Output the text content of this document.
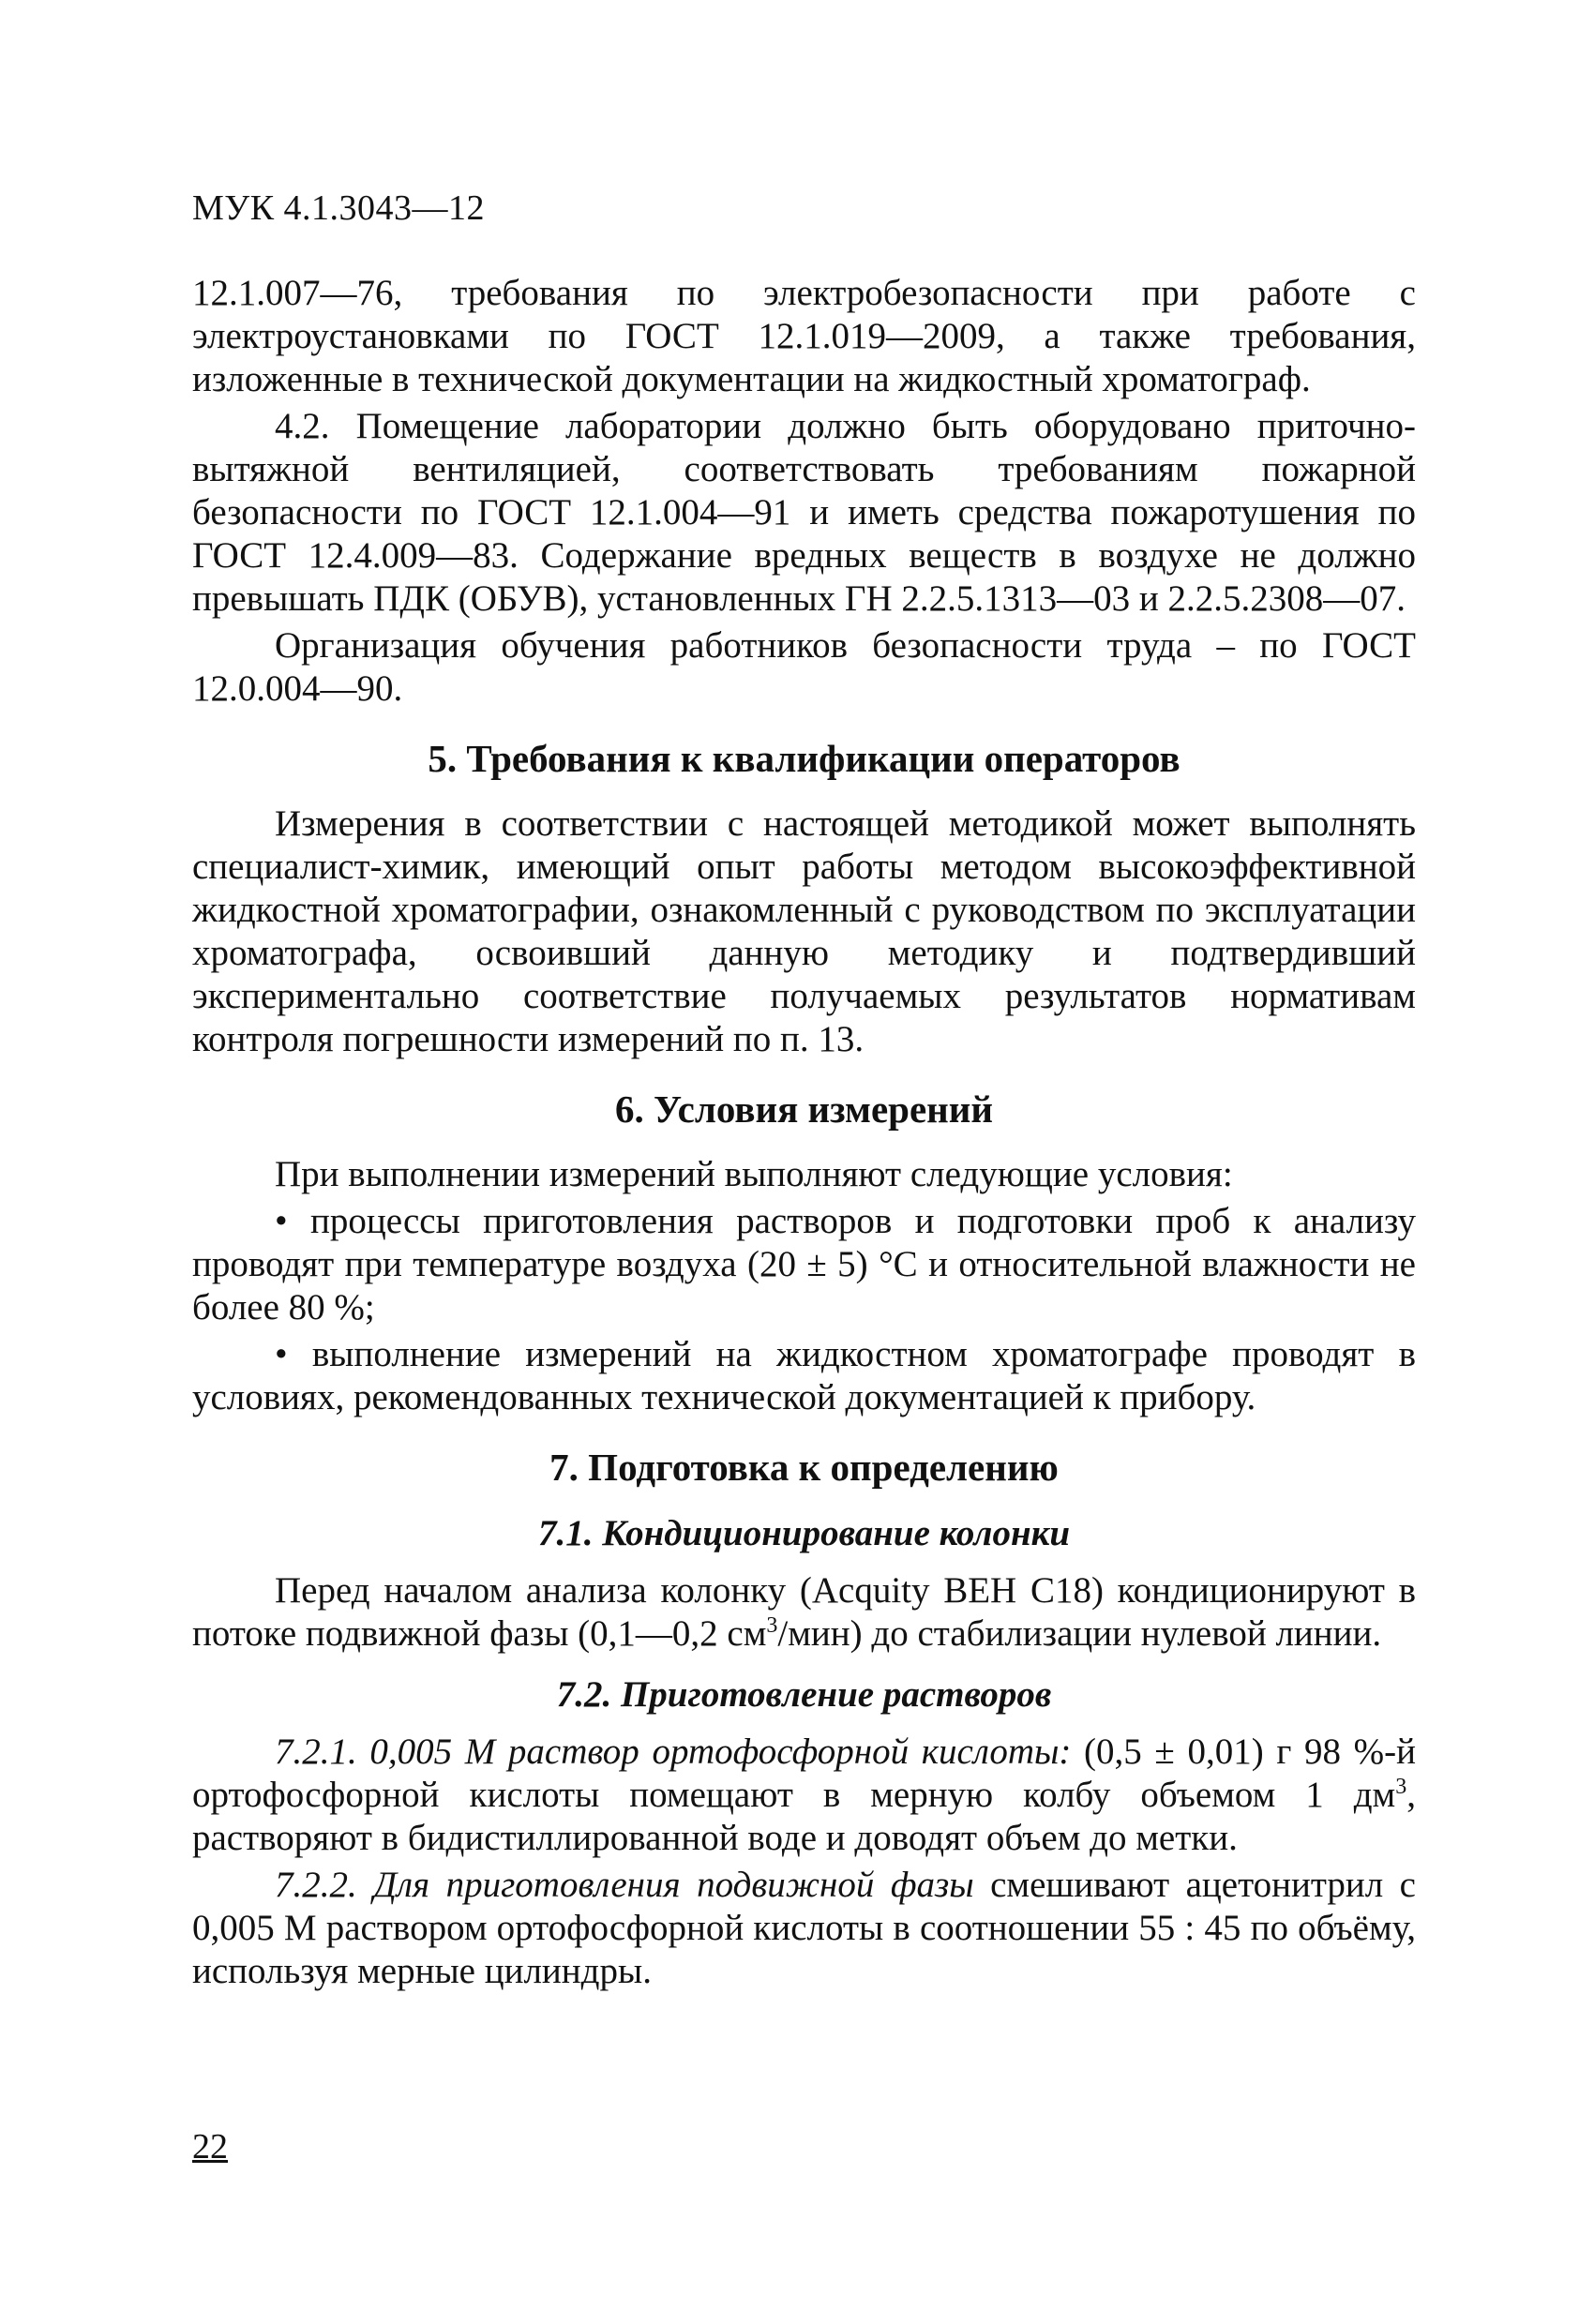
МУК 4.1.3043—12

12.1.007—76, требования по электробезопасности при работе с электроустановками по ГОСТ 12.1.019—2009, а также требования, изложенные в технической документации на жидкостный хроматограф.

4.2. Помещение лаборатории должно быть оборудовано приточно-вытяжной вентиляцией, соответствовать требованиям пожарной безопасности по ГОСТ 12.1.004—91 и иметь средства пожаротушения по ГОСТ 12.4.009—83. Содержание вредных веществ в воздухе не должно превышать ПДК (ОБУВ), установленных ГН 2.2.5.1313—03 и 2.2.5.2308—07.

Организация обучения работников безопасности труда – по ГОСТ 12.0.004—90.

5. Требования к квалификации операторов

Измерения в соответствии с настоящей методикой может выполнять специалист-химик, имеющий опыт работы методом высокоэффективной жидкостной хроматографии, ознакомленный с руководством по эксплуатации хроматографа, освоивший данную методику и подтвердивший экспериментально соответствие получаемых результатов нормативам контроля погрешности измерений по п. 13.

6. Условия измерений

При выполнении измерений выполняют следующие условия:

• процессы приготовления растворов и подготовки проб к анализу проводят при температуре воздуха (20 ± 5) °С и относительной влажности не более 80 %;

• выполнение измерений на жидкостном хроматографе проводят в условиях, рекомендованных технической документацией к прибору.

7. Подготовка к определению
7.1. Кондиционирование колонки

Перед началом анализа колонку (Acquity BEH C18) кондиционируют в потоке подвижной фазы (0,1—0,2 $см^3/мин$) до стабилизации нулевой линии.

7.2. Приготовление растворов

7.2.1. 0,005 М раствор ортофосфорной кислоты: (0,5 ± 0,01) г 98 %-й ортофосфорной кислоты помещают в мерную колбу объемом 1 $дм^3$, растворяют в бидистиллированной воде и доводят объем до метки.

7.2.2. Для приготовления подвижной фазы смешивают ацетонитрил с 0,005 М раствором ортофосфорной кислоты в соотношении 55 : 45 по объёму, используя мерные цилиндры.

22
